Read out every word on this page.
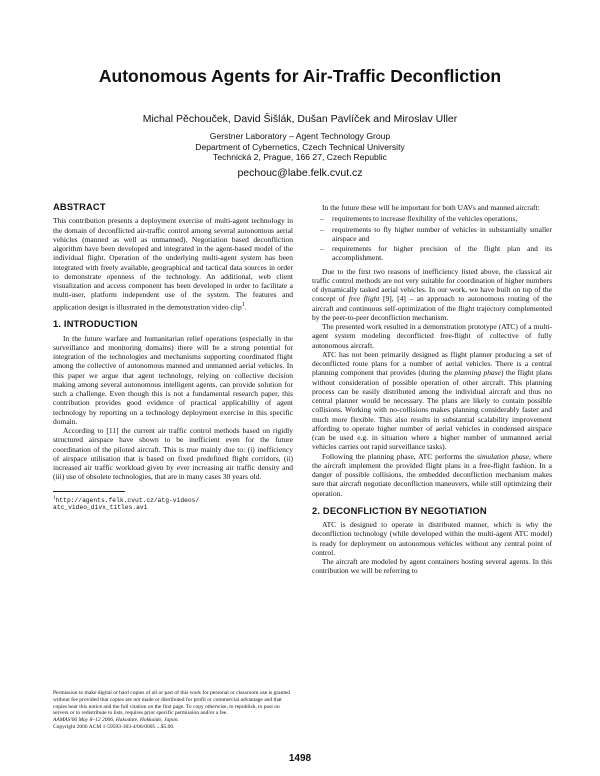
Autonomous Agents for Air-Traffic Deconfliction
Michal Pěchouček, David Šišlák, Dušan Pavlíček and Miroslav Uller
Gerstner Laboratory – Agent Technology Group
Department of Cybernetics, Czech Technical University
Technická 2, Prague, 166 27, Czech Republic
pechouc@labe.felk.cvut.cz
ABSTRACT

This contribution presents a deployment exercise of multi-agent technology in the domain of deconflicted air-traffic control among several autonomous aerial vehicles (manned as well as unmanned). Negotiation based deconfliction algorithm have been developed and integrated in the agent-based model of the individual flight. Operation of the underlying multi-agent system has been integrated with freely available, geographical and tactical data sources in order to demonstrate openness of the technology. An additional, web client visualization and access component has been developed in order to facilitate a multi-user, platform independent use of the system. The features and application design is illustrated in the demonstration video clip$^1$.

1. INTRODUCTION

In the future warfare and humanitarian relief operations (especially in the surveillance and monitoring domains) there will be a strong potential for integration of the technologies and mechanisms supporting coordinated flight among the collective of autonomous manned and unmanned aerial vehicles. In this paper we argue that agent technology, relying on collective decision making among several autonomous intelligent agents, can provide solution for such a challenge. Even though this is not a fundamental research paper, this contribution provides good evidence of practical applicability of agent technology by reporting on a technology deployment exercise in this specific domain.

According to [11] the current air traffic control methods based on rigidly structured airspace have shown to be inefficient even for the future coordination of the piloted aircraft. This is true mainly due to: (i) inefficiency of airspace utilisation that is based on fixed predefined flight corridors, (ii) increased air traffic workload given by ever increasing air traffic density and (iii) use of obsolete technologies, that are in many cases 30 years old.

$^1$http://agents.felk.cvut.cz/atg-videos/
atc_video_divx_titles.avi
Permission to make digital or hard copies of all or part of this work for personal or classroom use is granted without fee provided that copies are not made or distributed for profit or commercial advantage and that copies bear this notice and the full citation on the first page. To copy otherwise, to republish, to post on servers or to redistribute to lists, requires prior specific permission and/or a fee.
AAMAS'06 May 8–12 2006, Hakodate, Hokkaido, Japan.
Copyright 2006 ACM 1-59593-303-4/06/0005 ...$5.00.

In the future these will be important for both UAVs and manned aircraft:

– requirements to increase flexibility of the vehicles operations,
– requirements to fly higher number of vehicles in substantially smaller airspace and
– requirements for higher precision of the flight plan and its accomplishment.

Due to the first two reasons of inefficiency listed above, the classical air traffic control methods are not very suitable for coordination of higher numbers of dynamically tasked aerial vehicles. In our work, we have built on top of the concept of free flight [9], [4] – an approach to autonomous routing of the aircraft and continuous self-optimization of the flight trajectory complemented by the peer-to-peer deconfliction mechanism.

The presented work resulted in a demonstration prototype (ATC) of a multi-agent system modeling deconflicted free-flight of collective of fully autonomous aircraft.

ATC has not been primarily designed as flight planner producing a set of deconflicted route plans for a number of aerial vehicles. There is a central planning component that provides (during the planning phase) the flight plans without consideration of possible operation of other aircraft. This planning process can be easily distributed among the individual aircraft and thus no central planner would be necessary. The plans are likely to contain possible collisions. Working with no-collisions makes planning considerably faster and much more flexible. This also results in substantial scalability improvement affording to operate higher number of aerial vehicles in condensed airspace (can be used e.g. in situation where a higher number of unmanned aerial vehicles carries out rapid surveillance tasks).

Following the planning phase, ATC performs the simulation phase, where the aircraft implement the provided flight plans in a free-flight fashion. In a danger of possible collisions, the embedded deconfliction mechanism makes sure that aircraft negotiate deconfliction maneuvers, while still optimizing their operation.

2. DECONFLICTION BY NEGOTIATION

ATC is designed to operate in distributed manner, which is why the deconfliction technology (while developed within the multi-agent ATC model) is ready for deployment on autonomous vehicles without any central point of control.

The aircraft are modeled by agent containers hosting several agents. In this contribution we will be referring to

1498
